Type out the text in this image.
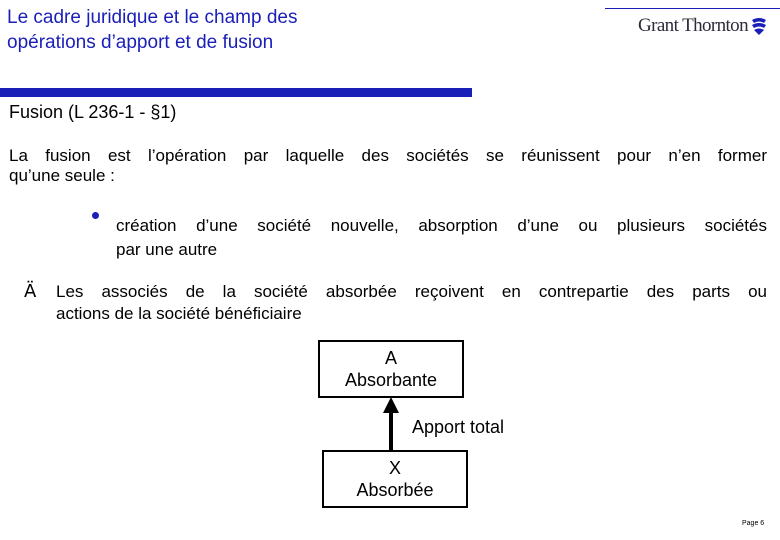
Le cadre juridique et le champ des
opérations d’apport et de fusion
Grant Thornton
Fusion (L 236-1 - §1)
La fusion est l’opération par laquelle des sociétés se réunissent pour n’en former
qu’une seule :
création d’une société nouvelle, absorption d’une ou plusieurs sociétés
par une autre
Ä Les associés de la société absorbée reçoivent en contrepartie des parts ou
actions de la société bénéficiaire
A
Absorbante
Apport total
X
Absorbée
Page 6
